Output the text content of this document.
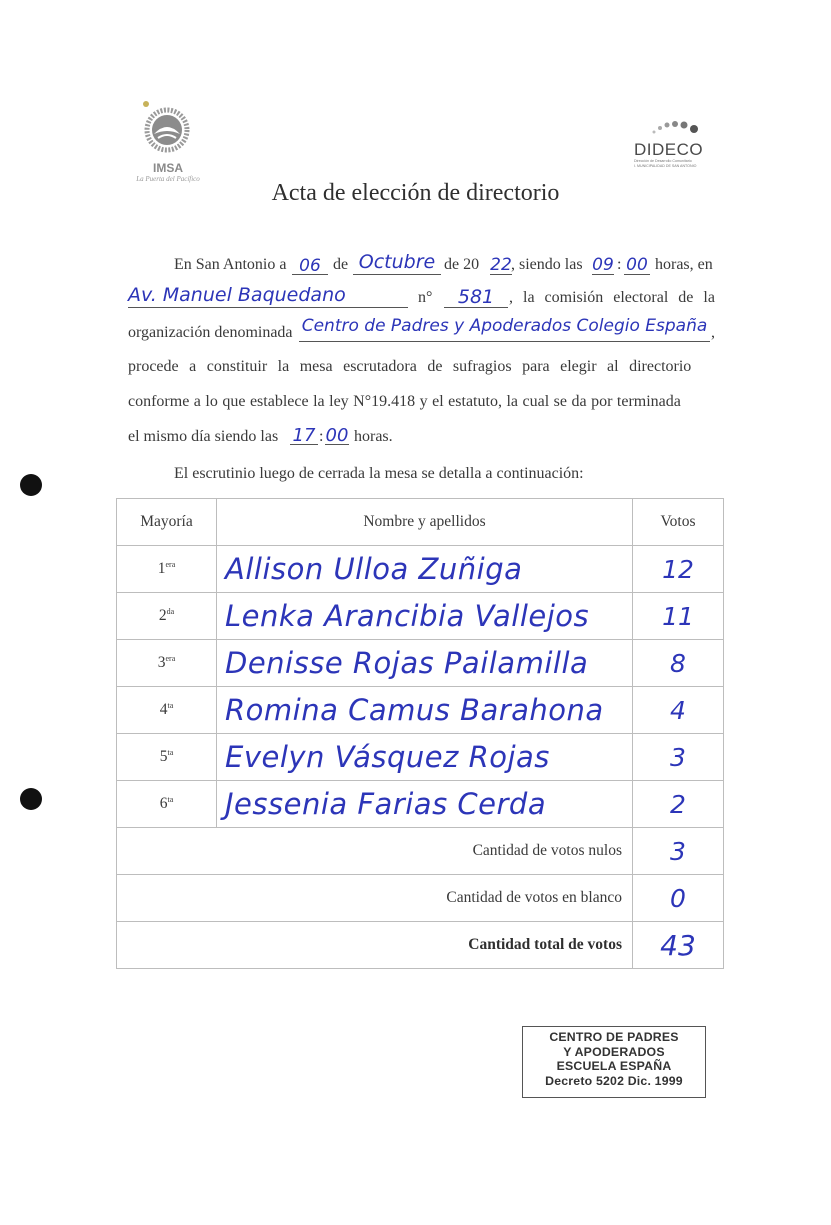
IMSA
La Puerta del Pacífico
DIDECO
Dirección de Desarrollo Comunitario
I. MUNICIPALIDAD DE SAN ANTONIO
Acta de elección de directorio
En San Antonio a 06 de Octubre de 20 22 , siendo las 09 : 00 horas, en
Av. Manuel Baquedano	n°	581 , la comisión electoral de la
organización denominada Centro de Padres y Apoderados Colegio España ,
procede a constituir la mesa escrutadora de sufragios para elegir al directorio
conforme a lo que establece la ley N°19.418 y el estatuto, la cual se da por terminada
el mismo día siendo las 17 : 00 horas.
El escrutinio luego de cerrada la mesa se detalla a continuación:
Mayoría	Nombre y apellidos	Votos
$1^{era}$	Allison Ulloa Zuñiga	12
$2^{da}$	Lenka Arancibia Vallejos	11
$3^{era}$	Denisse Rojas Pailamilla	8
$4^{ta}$	Romina Camus Barahona	4
$5^{ta}$	Evelyn Vásquez Rojas	3
$6^{ta}$	Jessenia Farias Cerda	2
	Cantidad de votos nulos	3
	Cantidad de votos en blanco	0
	Cantidad total de votos	43
CENTRO DE PADRES
Y APODERADOS
ESCUELA ESPAÑA
Decreto 5202 Dic. 1999
